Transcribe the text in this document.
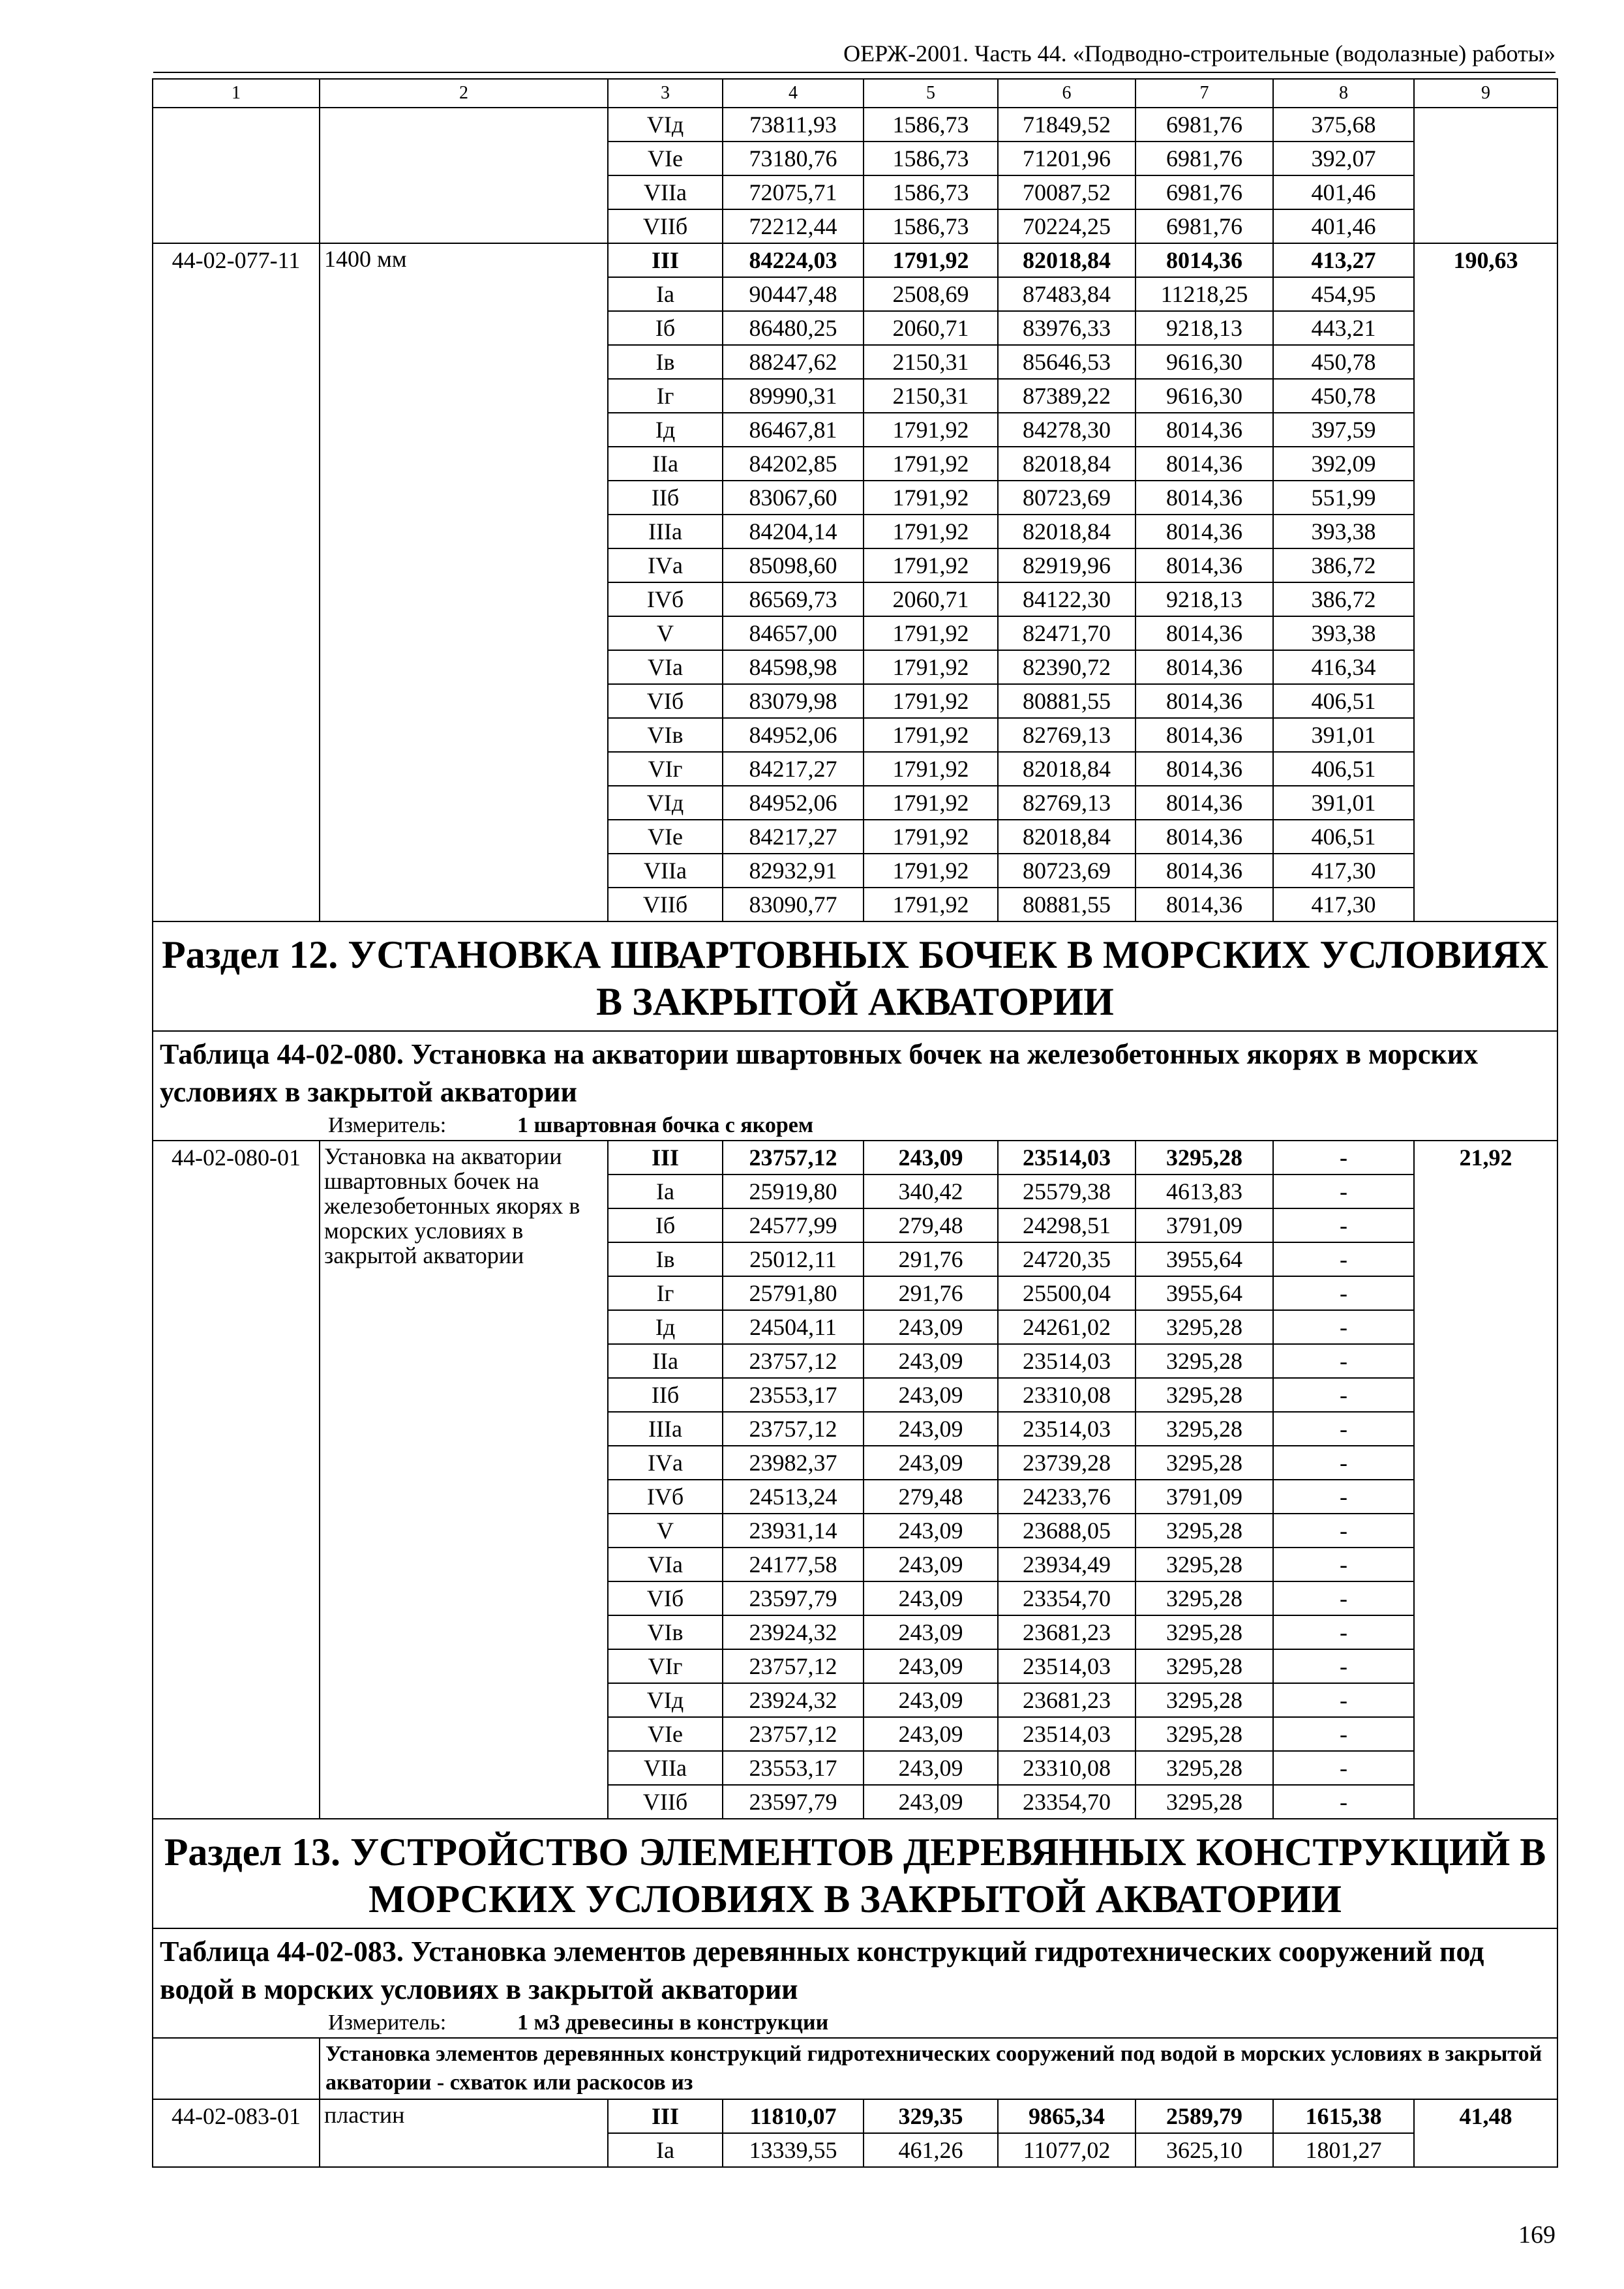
ОЕРЖ-2001. Часть 44. «Подводно-строительные (водолазные) работы»
1	2	3	4	5	6	7	8	9
		VIд	73811,93	1586,73	71849,52	6981,76	375,68	
		VIe	73180,76	1586,73	71201,96	6981,76	392,07	
		VIIа	72075,71	1586,73	70087,52	6981,76	401,46	
		VIIб	72212,44	1586,73	70224,25	6981,76	401,46	
44-02-077-11	1400 мм	III	84224,03	1791,92	82018,84	8014,36	413,27	190,63
		Iа	90447,48	2508,69	87483,84	11218,25	454,95	
		Iб	86480,25	2060,71	83976,33	9218,13	443,21	
		Iв	88247,62	2150,31	85646,53	9616,30	450,78	
		Iг	89990,31	2150,31	87389,22	9616,30	450,78	
		Iд	86467,81	1791,92	84278,30	8014,36	397,59	
		IIа	84202,85	1791,92	82018,84	8014,36	392,09	
		IIб	83067,60	1791,92	80723,69	8014,36	551,99	
		IIIа	84204,14	1791,92	82018,84	8014,36	393,38	
		IVа	85098,60	1791,92	82919,96	8014,36	386,72	
		IVб	86569,73	2060,71	84122,30	9218,13	386,72	
		V	84657,00	1791,92	82471,70	8014,36	393,38	
		VIа	84598,98	1791,92	82390,72	8014,36	416,34	
		VIб	83079,98	1791,92	80881,55	8014,36	406,51	
		VIв	84952,06	1791,92	82769,13	8014,36	391,01	
		VIг	84217,27	1791,92	82018,84	8014,36	406,51	
		VIд	84952,06	1791,92	82769,13	8014,36	391,01	
		VIe	84217,27	1791,92	82018,84	8014,36	406,51	
		VIIа	82932,91	1791,92	80723,69	8014,36	417,30	
		VIIб	83090,77	1791,92	80881,55	8014,36	417,30	
Раздел 12. УСТАНОВКА ШВАРТОВНЫХ БОЧЕК В МОРСКИХ УСЛОВИЯХ В ЗАКРЫТОЙ АКВАТОРИИ								
Таблица 44-02-080. Установка на акватории швартовных бочек на железобетонных якорях в морских условиях в закрытой акватории								
Измеритель: 1 швартовная бочка с якорем								
44-02-080-01	Установка на акватории швартовных бочек на железобетонных якорях в морских условиях в закрытой акватории	III	23757,12	243,09	23514,03	3295,28	-	21,92
		Iа	25919,80	340,42	25579,38	4613,83	-	
		Iб	24577,99	279,48	24298,51	3791,09	-	
		Iв	25012,11	291,76	24720,35	3955,64	-	
		Iг	25791,80	291,76	25500,04	3955,64	-	
		Iд	24504,11	243,09	24261,02	3295,28	-	
		IIа	23757,12	243,09	23514,03	3295,28	-	
		IIб	23553,17	243,09	23310,08	3295,28	-	
		IIIа	23757,12	243,09	23514,03	3295,28	-	
		IVа	23982,37	243,09	23739,28	3295,28	-	
		IVб	24513,24	279,48	24233,76	3791,09	-	
		V	23931,14	243,09	23688,05	3295,28	-	
		VIа	24177,58	243,09	23934,49	3295,28	-	
		VIб	23597,79	243,09	23354,70	3295,28	-	
		VIв	23924,32	243,09	23681,23	3295,28	-	
		VIг	23757,12	243,09	23514,03	3295,28	-	
		VIд	23924,32	243,09	23681,23	3295,28	-	
		VIe	23757,12	243,09	23514,03	3295,28	-	
		VIIа	23553,17	243,09	23310,08	3295,28	-	
		VIIб	23597,79	243,09	23354,70	3295,28	-	
Раздел 13. УСТРОЙСТВО ЭЛЕМЕНТОВ ДЕРЕВЯННЫХ КОНСТРУКЦИЙ В МОРСКИХ УСЛОВИЯХ В ЗАКРЫТОЙ АКВАТОРИИ								
Таблица 44-02-083. Установка элементов деревянных конструкций гидротехнических сооружений под водой в морских условиях в закрытой акватории								
Измеритель: 1 м3 древесины в конструкции								
	Установка элементов деревянных конструкций гидротехнических сооружений под водой в морских условиях в закрытой акватории - схваток или раскосов из							
44-02-083-01	пластин	III	11810,07	329,35	9865,34	2589,79	1615,38	41,48
		Iа	13339,55	461,26	11077,02	3625,10	1801,27	
169
